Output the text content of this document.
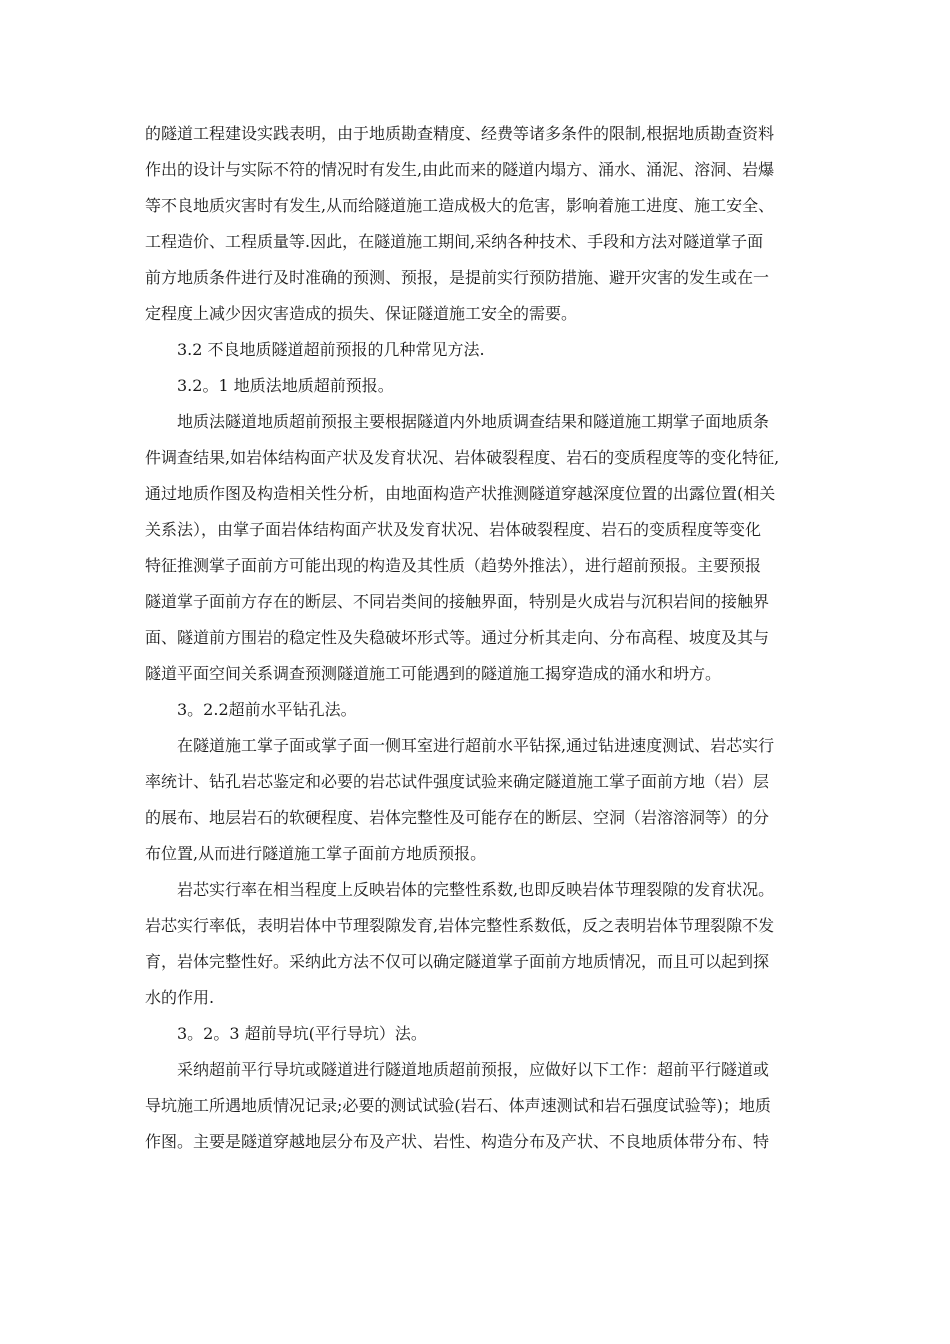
的隧道工程建设实践表明，由于地质勘查精度、经费等诸多条件的限制,根据地质勘查资料
作出的设计与实际不符的情况时有发生,由此而来的隧道内塌方、涌水、涌泥、溶洞、岩爆
等不良地质灾害时有发生,从而给隧道施工造成极大的危害，影响着施工进度、施工安全、
工程造价、工程质量等.因此，在隧道施工期间,采纳各种技术、手段和方法对隧道掌子面
前方地质条件进行及时准确的预测、预报，是提前实行预防措施、避开灾害的发生或在一
定程度上减少因灾害造成的损失、保证隧道施工安全的需要。
3.2 不良地质隧道超前预报的几种常见方法.
3.2。1 地质法地质超前预报。
地质法隧道地质超前预报主要根据隧道内外地质调查结果和隧道施工期掌子面地质条
件调查结果,如岩体结构面产状及发育状况、岩体破裂程度、岩石的变质程度等的变化特征,
通过地质作图及构造相关性分析，由地面构造产状推测隧道穿越深度位置的出露位置(相关
关系法），由掌子面岩体结构面产状及发育状况、岩体破裂程度、岩石的变质程度等变化
特征推测掌子面前方可能出现的构造及其性质（趋势外推法），进行超前预报。主要预报
隧道掌子面前方存在的断层、不同岩类间的接触界面，特别是火成岩与沉积岩间的接触界
面、隧道前方围岩的稳定性及失稳破坏形式等。通过分析其走向、分布高程、坡度及其与
隧道平面空间关系调查预测隧道施工可能遇到的隧道施工揭穿造成的涌水和坍方。
3。2.2超前水平钻孔法。
在隧道施工掌子面或掌子面一侧耳室进行超前水平钻探,通过钻进速度测试、岩芯实行
率统计、钻孔岩芯鉴定和必要的岩芯试件强度试验来确定隧道施工掌子面前方地（岩）层
的展布、地层岩石的软硬程度、岩体完整性及可能存在的断层、空洞（岩溶溶洞等）的分
布位置,从而进行隧道施工掌子面前方地质预报。
岩芯实行率在相当程度上反映岩体的完整性系数,也即反映岩体节理裂隙的发育状况。
岩芯实行率低，表明岩体中节理裂隙发育,岩体完整性系数低，反之表明岩体节理裂隙不发
育，岩体完整性好。采纳此方法不仅可以确定隧道掌子面前方地质情况，而且可以起到探
水的作用.
3。2。3 超前导坑(平行导坑）法。
采纳超前平行导坑或隧道进行隧道地质超前预报，应做好以下工作：超前平行隧道或
导坑施工所遇地质情况记录;必要的测试试验(岩石、体声速测试和岩石强度试验等)；地质
作图。主要是隧道穿越地层分布及产状、岩性、构造分布及产状、不良地质体带分布、特
